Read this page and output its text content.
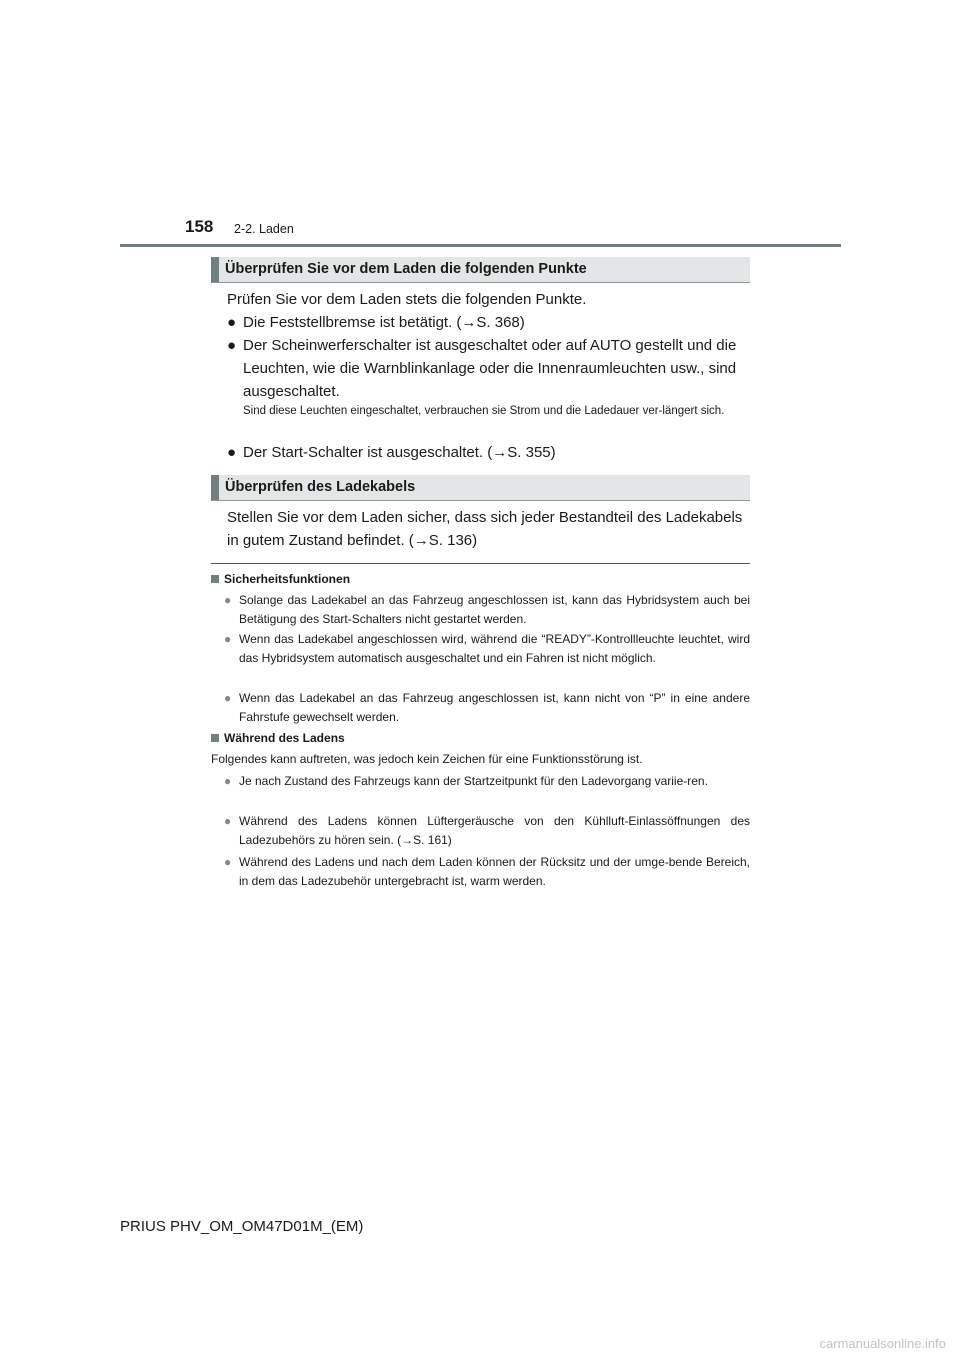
158 2-2. Laden
Überprüfen Sie vor dem Laden die folgenden Punkte
Prüfen Sie vor dem Laden stets die folgenden Punkte.
● Die Feststellbremse ist betätigt. (→S. 368)
● Der Scheinwerferschalter ist ausgeschaltet oder auf AUTO gestellt und die Leuchten, wie die Warnblinkanlage oder die Innenraumleuchten usw., sind ausgeschaltet.
Sind diese Leuchten eingeschaltet, verbrauchen sie Strom und die Ladedauer ver-längert sich.
● Der Start-Schalter ist ausgeschaltet. (→S. 355)
Überprüfen des Ladekabels
Stellen Sie vor dem Laden sicher, dass sich jeder Bestandteil des Ladekabels in gutem Zustand befindet. (→S. 136)
Sicherheitsfunktionen
● Solange das Ladekabel an das Fahrzeug angeschlossen ist, kann das Hybridsystem auch bei Betätigung des Start-Schalters nicht gestartet werden.
● Wenn das Ladekabel angeschlossen wird, während die “READY”-Kontrollleuchte leuchtet, wird das Hybridsystem automatisch ausgeschaltet und ein Fahren ist nicht möglich.
● Wenn das Ladekabel an das Fahrzeug angeschlossen ist, kann nicht von “P” in eine andere Fahrstufe gewechselt werden.
Während des Ladens
Folgendes kann auftreten, was jedoch kein Zeichen für eine Funktionsstörung ist.
● Je nach Zustand des Fahrzeugs kann der Startzeitpunkt für den Ladevorgang variie-ren.
● Während des Ladens können Lüftergeräusche von den Kühlluft-Einlassöffnungen des Ladezubehörs zu hören sein. (→S. 161)
● Während des Ladens und nach dem Laden können der Rücksitz und der umge-bende Bereich, in dem das Ladezubehör untergebracht ist, warm werden.
PRIUS PHV_OM_OM47D01M_(EM)
carmanualsonline.info
